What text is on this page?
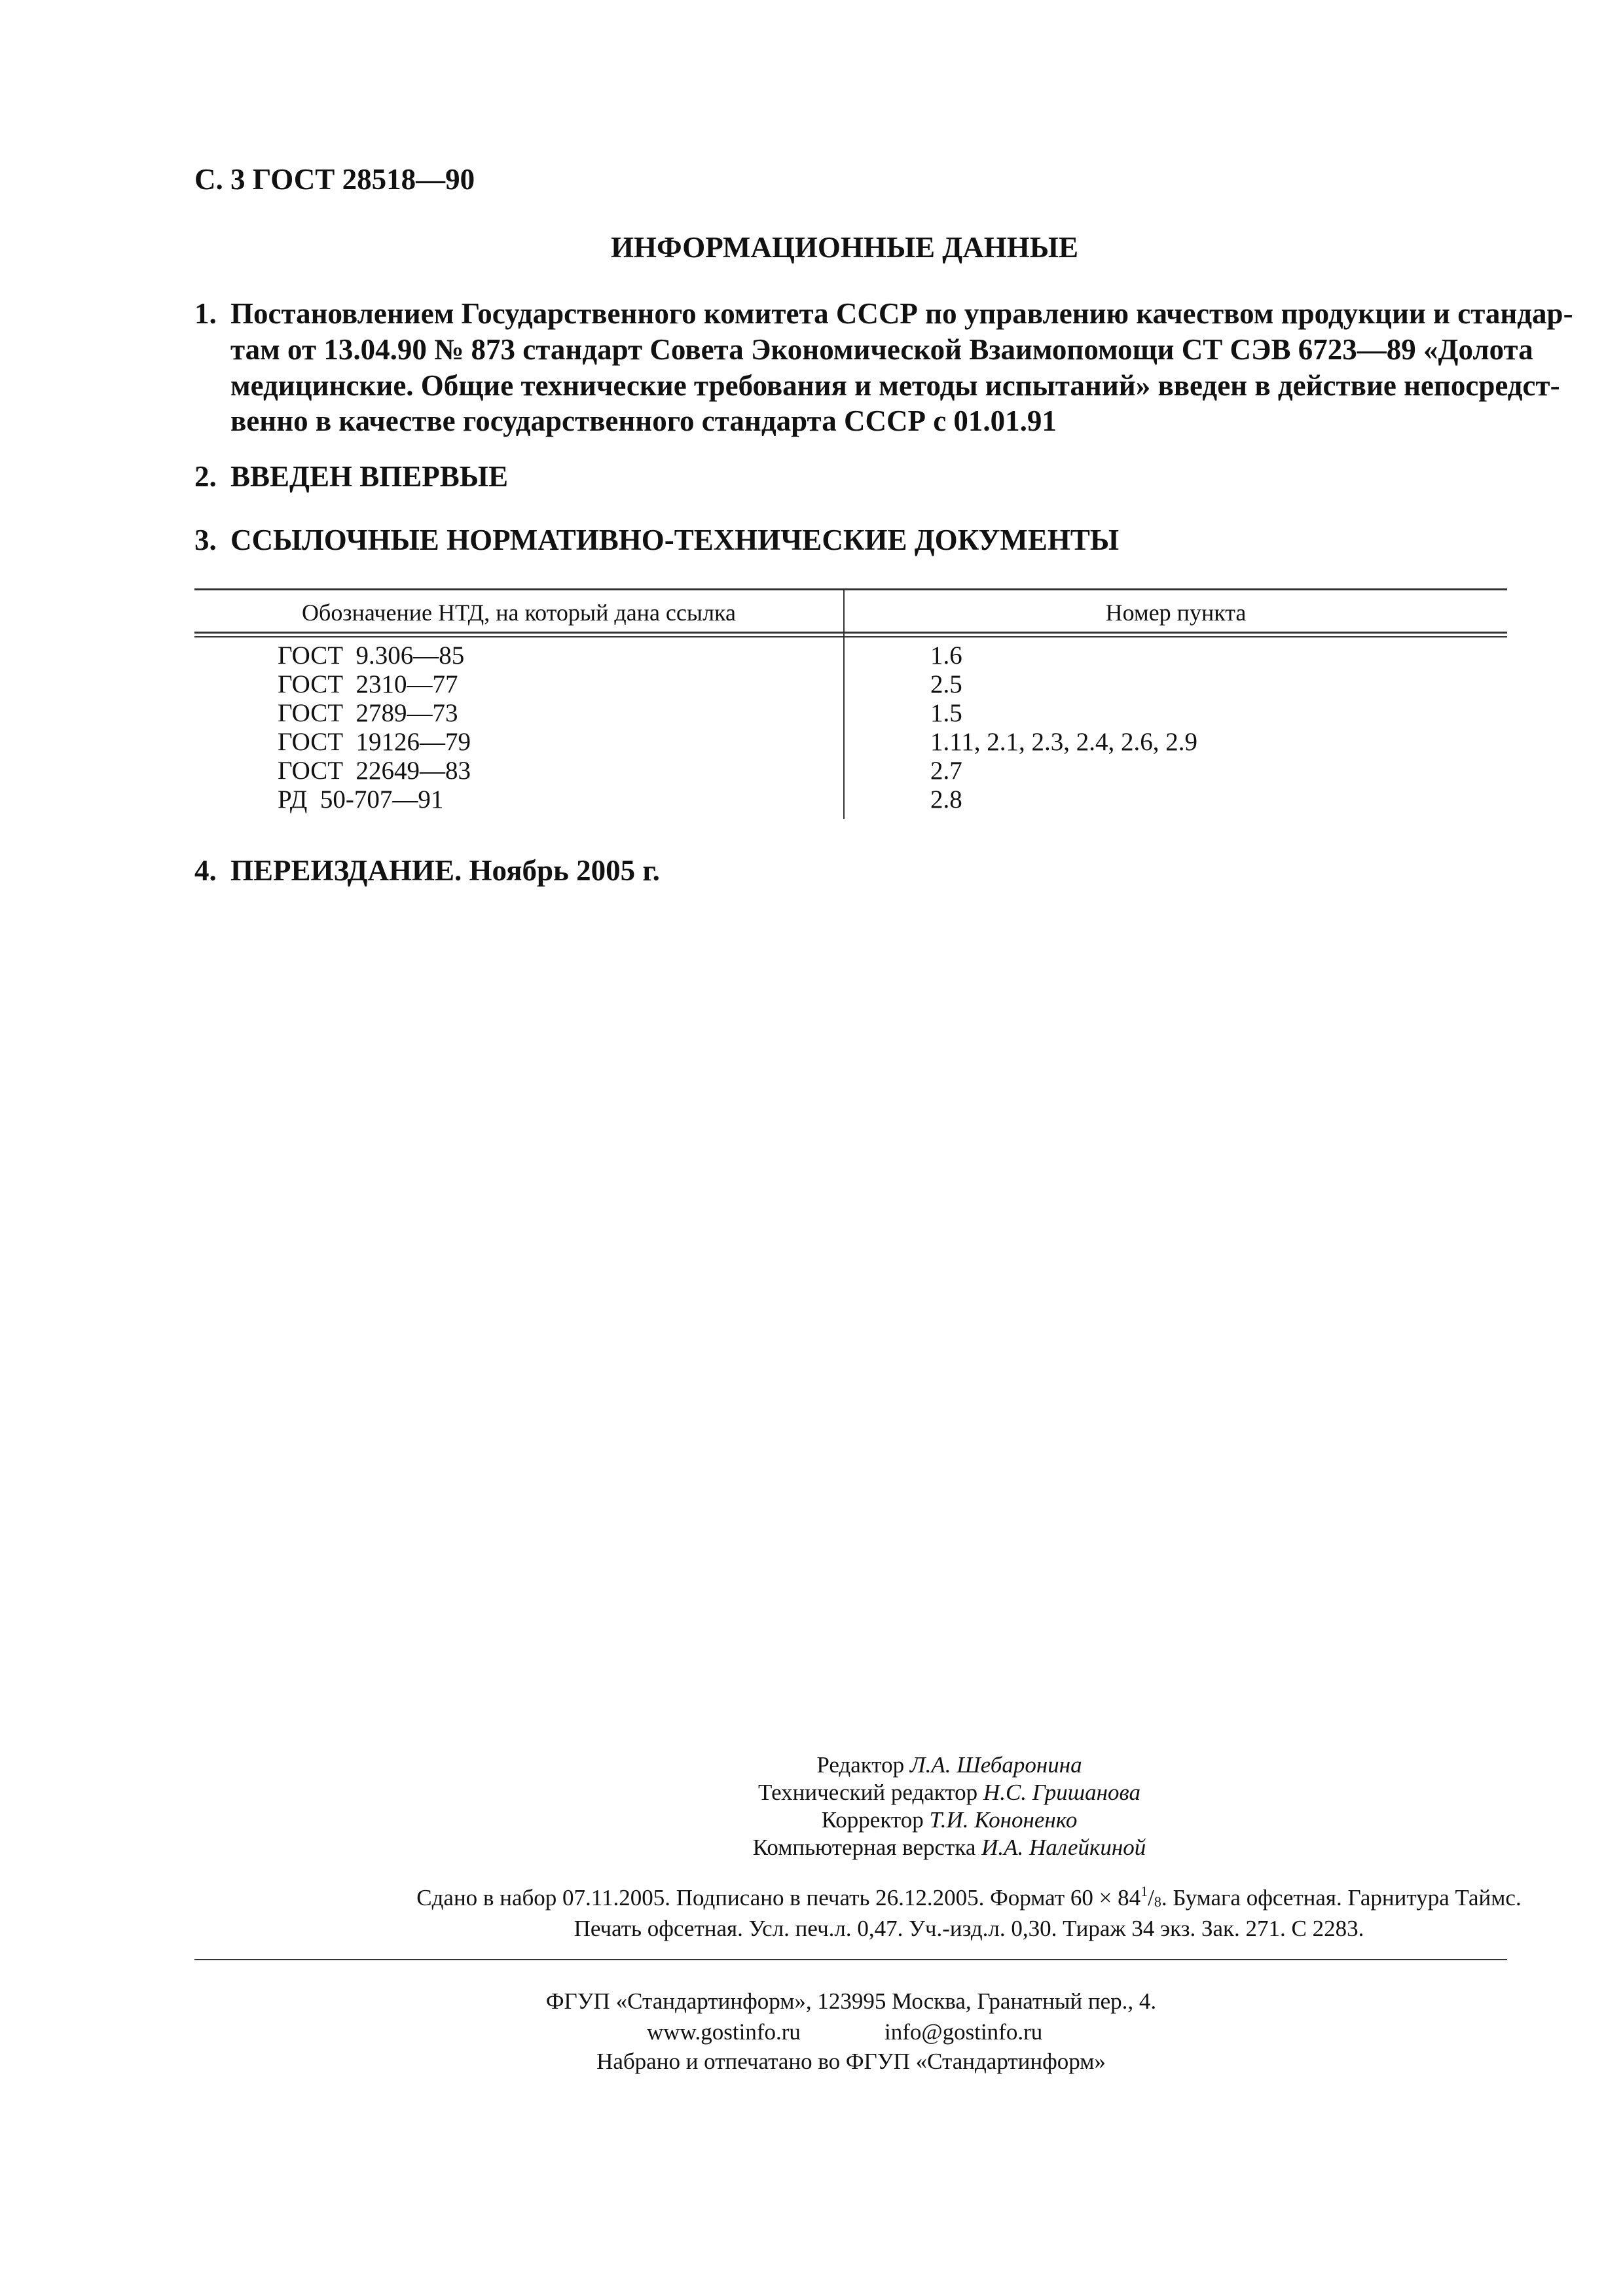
С. 3 ГОСТ 28518—90
ИНФОРМАЦИОННЫЕ ДАННЫЕ
1. Постановлением Государственного комитета СССР по управлению качеством продукции и стандар-
там от 13.04.90 № 873 стандарт Совета Экономической Взаимопомощи СТ СЭВ 6723—89 «Долота
медицинские. Общие технические требования и методы испытаний» введен в действие непосредст-
венно в качестве государственного стандарта СССР с 01.01.91
2. ВВЕДЕН ВПЕРВЫЕ
3. ССЫЛОЧНЫЕ НОРМАТИВНО-ТЕХНИЧЕСКИЕ ДОКУМЕНТЫ
Обозначение НТД, на который дана ссылка	Номер пункта
ГОСТ  9.306—85	1.6
ГОСТ  2310—77	2.5
ГОСТ  2789—73	1.5
ГОСТ  19126—79	1.11, 2.1, 2.3, 2.4, 2.6, 2.9
ГОСТ  22649—83	2.7
РД  50-707—91	2.8
4. ПЕРЕИЗДАНИЕ. Ноябрь 2005 г.
Редактор Л.А. Шебаронина
Технический редактор Н.С. Гришанова
Корректор Т.И. Кононенко
Компьютерная верстка И.А. Налейкиной
Сдано в набор 07.11.2005. Подписано в печать 26.12.2005. Формат $60 \times 84^1/_8$. Бумага офсетная. Гарнитура Таймс.
Печать офсетная. Усл. печ.л. 0,47. Уч.-изд.л. 0,30. Тираж 34 экз. Зак. 271. С 2283.
ФГУП «Стандартинформ», 123995 Москва, Гранатный пер., 4.
www.gostinfo.ru	info@gostinfo.ru
Набрано и отпечатано во ФГУП «Стандартинформ»
